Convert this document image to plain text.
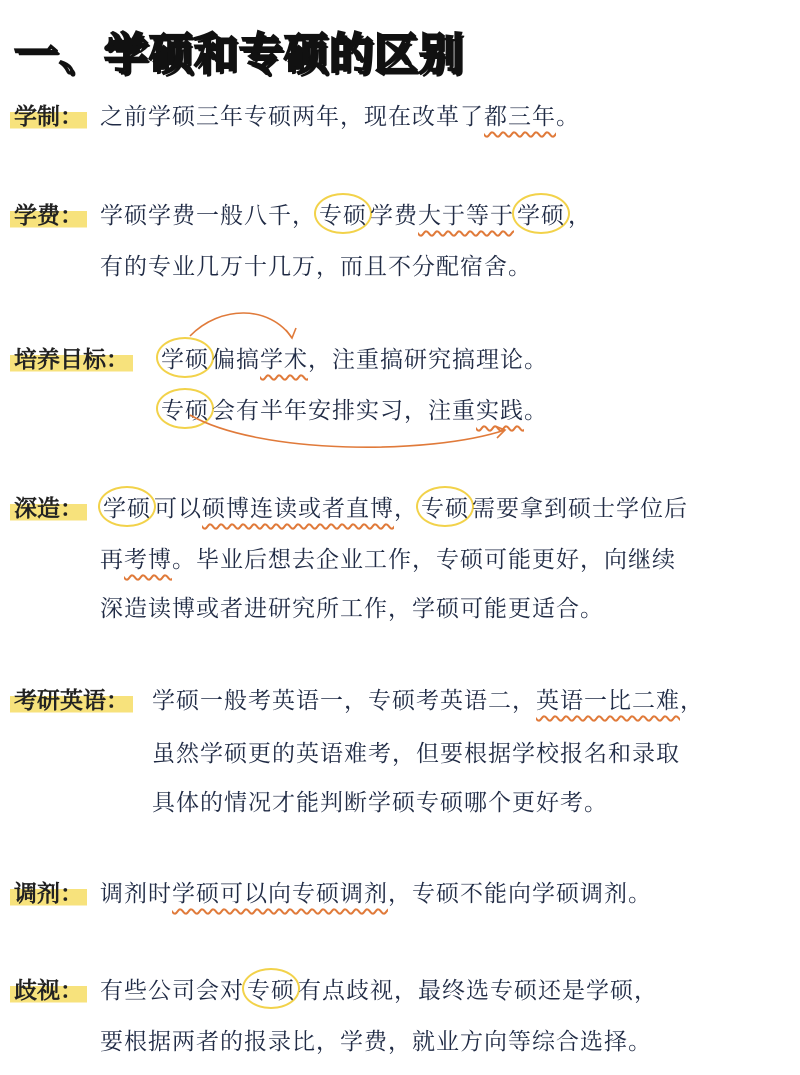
一、学硕和专硕的区别
学制： 之前学硕三年专硕两年，现在改革了都三年。
学费： 学硕学费一般八千， 专硕 学费大于等于 学硕 ，
有的专业几万十几万，而且不分配宿舍。
培养目标： 学硕 偏搞学术，注重搞研究搞理论。
专硕 会有半年安排实习，注重实践。
深造： 学硕 可以硕博连读或者直博， 专硕 需要拿到硕士学位后
再考博。毕业后想去企业工作，专硕可能更好，向继续
深造读博或者进研究所工作，学硕可能更适合。
考研英语： 学硕一般考英语一，专硕考英语二，英语一比二难，
虽然学硕更的英语难考，但要根据学校报名和录取
具体的情况才能判断学硕专硕哪个更好考。
调剂： 调剂时学硕可以向专硕调剂，专硕不能向学硕调剂。
歧视： 有些公司会对 专硕 有点歧视，最终选专硕还是学硕，
要根据两者的报录比，学费，就业方向等综合选择。
